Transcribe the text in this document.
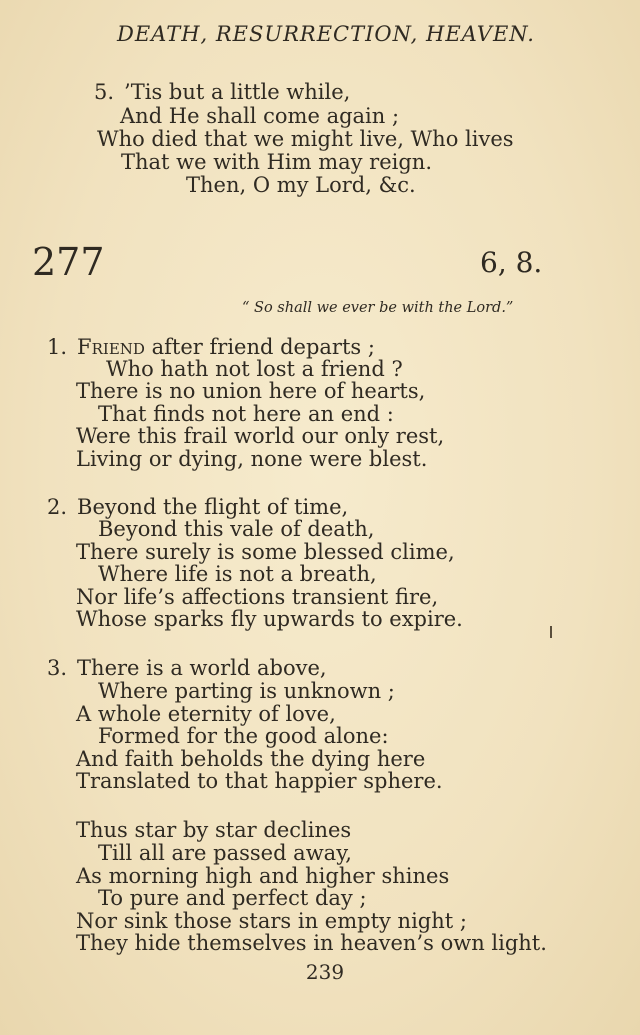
DEATH, RESURRECTION, HEAVEN.
5. ’Tis but a little while,
And He shall come again ;
Who died that we might live, Who lives
That we with Him may reign.
Then, O my Lord, &c.
277	6, 8.
“ So shall we ever be with the Lord.”
1. Friend after friend departs ;
Who hath not lost a friend ?
There is no union here of hearts,
That finds not here an end :
Were this frail world our only rest,
Living or dying, none were blest.
2. Beyond the flight of time,
Beyond this vale of death,
There surely is some blessed clime,
Where life is not a breath,
Nor life’s affections transient fire,
Whose sparks fly upwards to expire.
3. There is a world above,
Where parting is unknown ;
A whole eternity of love,
Formed for the good alone:
And faith beholds the dying here
Translated to that happier sphere.
Thus star by star declines
Till all are passed away,
As morning high and higher shines
To pure and perfect day ;
Nor sink those stars in empty night ;
They hide themselves in heaven’s own light.
239
